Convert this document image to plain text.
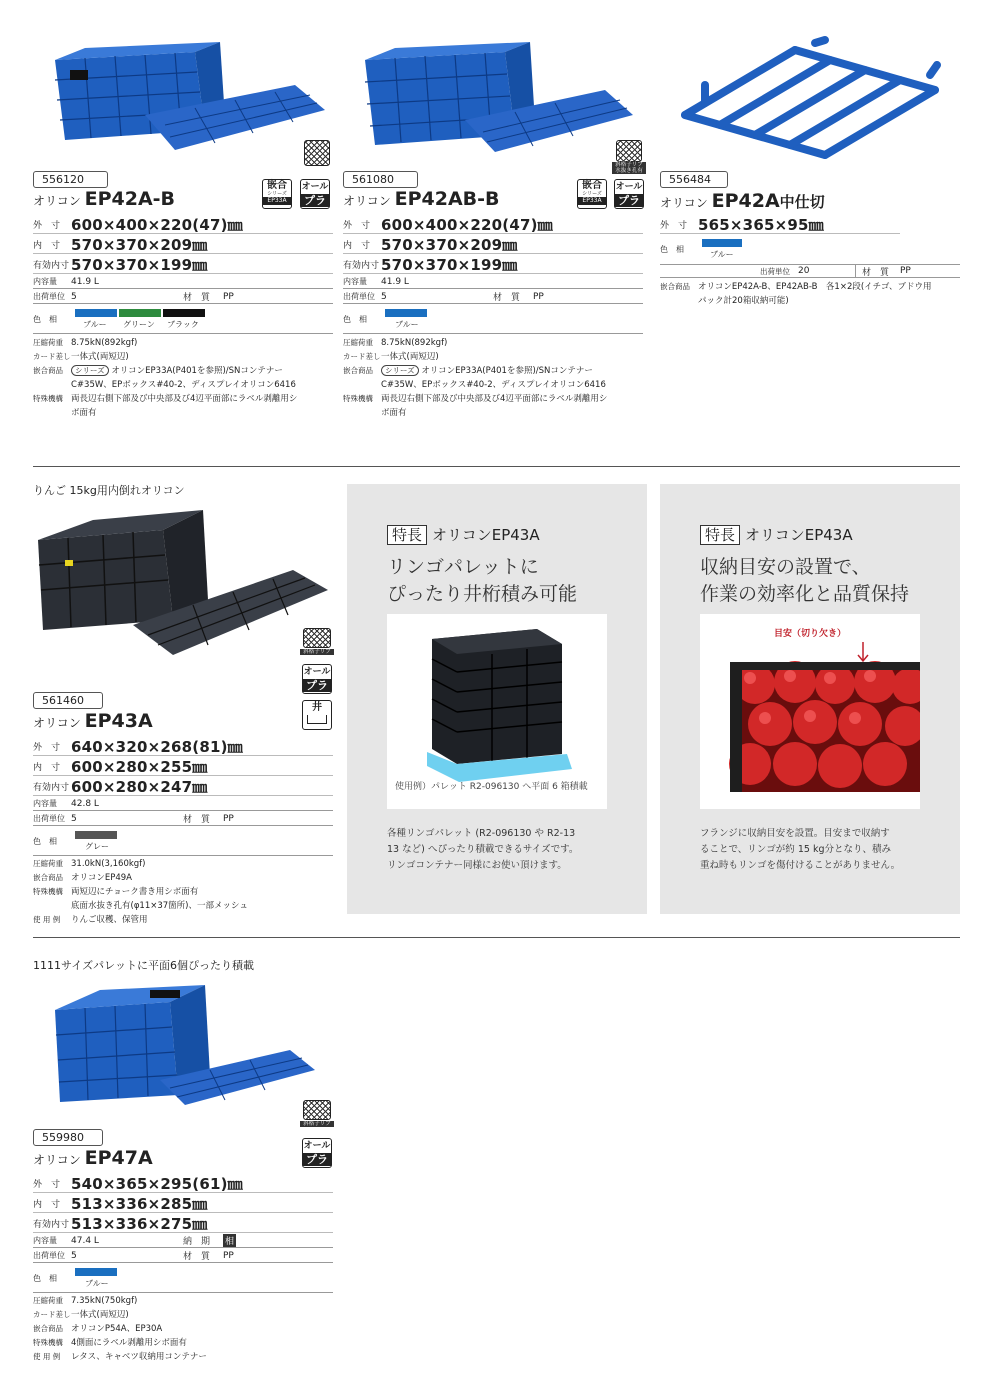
556120
オリコン EP42A-B
嵌合
シリーズ
EP33A
オール
プラ
外　寸 600×400×220(47)㎜
内　寸 570×370×209㎜
有効内寸 570×370×199㎜
内容量	41.9 L
出荷単位 5	材　質 PP
色　相
ブルー グリーン ブラック
圧縮荷重 8.75kN(892kgf)
カード差し一体式(両短辺)
嵌合商品 シリーズ オリコンEP33A(P401を参照)/SNコンテナー
C#35W、EPボックス#40-2、ディスプレイオリコン6416
特殊機構 両長辺右側下部及び中央部及び4辺平面部にラベル剥離用シ
ボ面有
561080
オリコン EP42AB-B
嵌合
シリーズ
EP33A
オール
プラ
斜格子リブ
水抜き孔有
外　寸 600×400×220(47)㎜
内　寸 570×370×209㎜
有効内寸 570×370×199㎜
内容量	41.9 L
出荷単位 5	材　質 PP
色　相
ブルー
圧縮荷重 8.75kN(892kgf)
カード差し一体式(両短辺)
嵌合商品 シリーズ オリコンEP33A(P401を参照)/SNコンテナー
C#35W、EPボックス#40-2、ディスプレイオリコン6416
特殊機構 両長辺右側下部及び中央部及び4辺平面部にラベル剥離用シ
ボ面有
556484
オリコン EP42A中仕切
外　寸 565×365×95㎜
色　相
ブルー
出荷単位 20	材　質 PP
嵌合商品 オリコンEP42A-B、EP42AB-B　各1×2段(イチゴ、ブドウ用
パック計20箱収納可能)
りんご 15kg用内倒れオリコン
斜格子リブ
オール
プラ
井
561460
オリコン EP43A
外　寸 640×320×268(81)㎜
内　寸 600×280×255㎜
有効内寸 600×280×247㎜
内容量	42.8 L
出荷単位 5	材　質 PP
色　相
グレー
圧縮荷重 31.0kN(3,160kgf)
嵌合商品 オリコンEP49A
特殊機構 両短辺にチョーク書き用シボ面有
底面水抜き孔有(φ11×37箇所)、一部メッシュ
使 用 例 りんご収穫、保管用
特長 オリコンEP43A
リンゴパレットに
ぴったり井桁積み可能
使用例）パレット R2-096130 へ平面 6 箱積載
各種リンゴパレット (R2-096130 や R2-13
13 など) へぴったり積載できるサイズです。
リンゴコンテナー同様にお使い頂けます。
特長 オリコンEP43A
収納目安の設置で、
作業の効率化と品質保持
目安（切り欠き）
フランジに収納目安を設置。目安まで収納す
ることで、リンゴが約 15 kg分となり、積み
重ね時もリンゴを傷付けることがありません。
1111サイズパレットに平面6個ぴったり積載
斜格子リブ
オール
プラ
559980
オリコン EP47A
外　寸 540×365×295(61)㎜
内　寸 513×336×285㎜
有効内寸 513×336×275㎜
内容量	47.4 L	納　期 相
出荷単位 5	材　質 PP
色　相
ブルー
圧縮荷重 7.35kN(750kgf)
カード差し一体式(両短辺)
嵌合商品 オリコンP54A、EP30A
特殊機構 4側面にラベル剥離用シボ面有
使 用 例 レタス、キャベツ収納用コンテナー
